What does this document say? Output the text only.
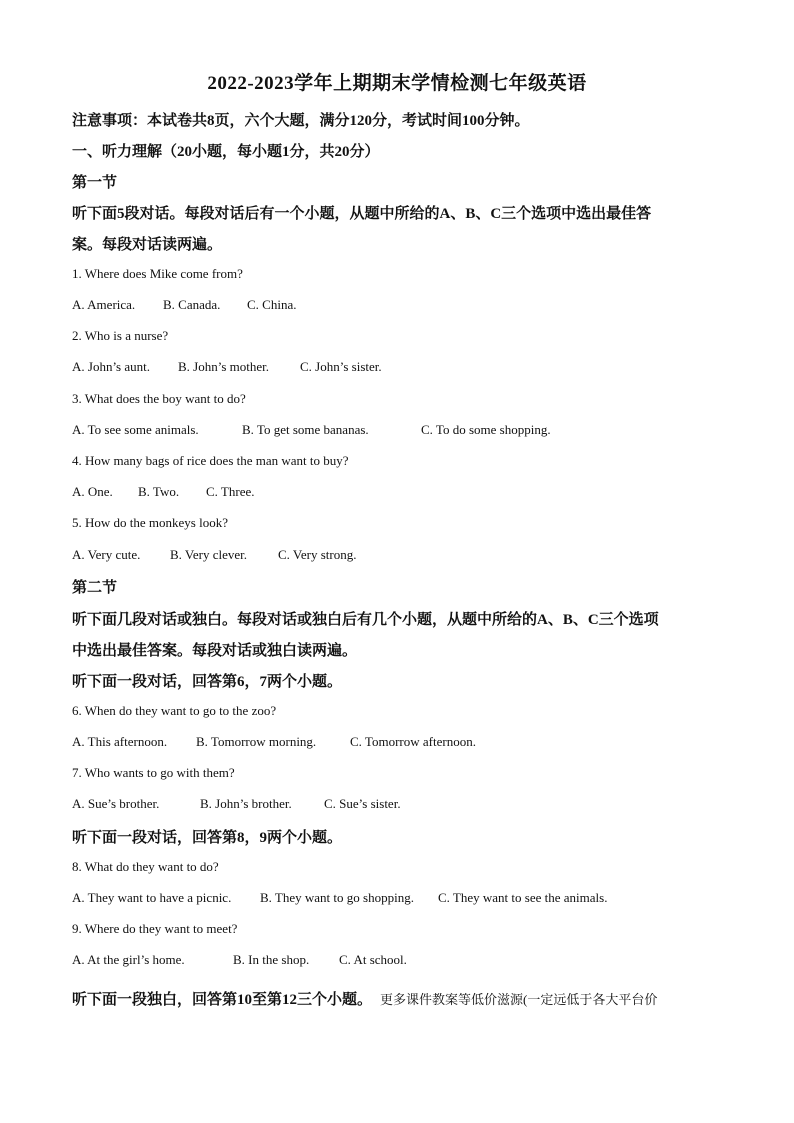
2022-2023学年上期期末学情检测七年级英语
注意事项：本试卷共8页，六个大题，满分120分，考试时间100分钟。
一、听力理解（20小题，每小题1分，共20分）
第一节
听下面5段对话。每段对话后有一个小题，从题中所给的A、B、C三个选项中选出最佳答
案。每段对话读两遍。
1. Where does Mike come from?
A. America. B. Canada. C. China.
2. Who is a nurse?
A. John’s aunt. B. John’s mother. C. John’s sister.
3. What does the boy want to do?
A. To see some animals.	B. To get some bananas.	C. To do some shopping.
4. How many bags of rice does the man want to buy?
A. One. B. Two. C. Three.
5. How do the monkeys look?
A. Very cute. B. Very clever. C. Very strong.
第二节
听下面几段对话或独白。每段对话或独白后有几个小题，从题中所给的A、B、C三个选项
中选出最佳答案。每段对话或独白读两遍。
听下面一段对话，回答第6，7两个小题。
6. When do they want to go to the zoo?
A. This afternoon. B. Tomorrow morning.	C. Tomorrow afternoon.
7. Who wants to go with them?
A. Sue’s brother.	B. John’s brother. C. Sue’s sister.
听下面一段对话，回答第8，9两个小题。
8. What do they want to do?
A. They want to have a picnic. B. They want to go shopping. C. They want to see the animals.
9. Where do they want to meet?
A. At the girl’s home.	B. In the shop. C. At school.
听下面一段独白，回答第10至第12三个小题。 更多课件教案等低价滋源(一定远低于各大平台价
